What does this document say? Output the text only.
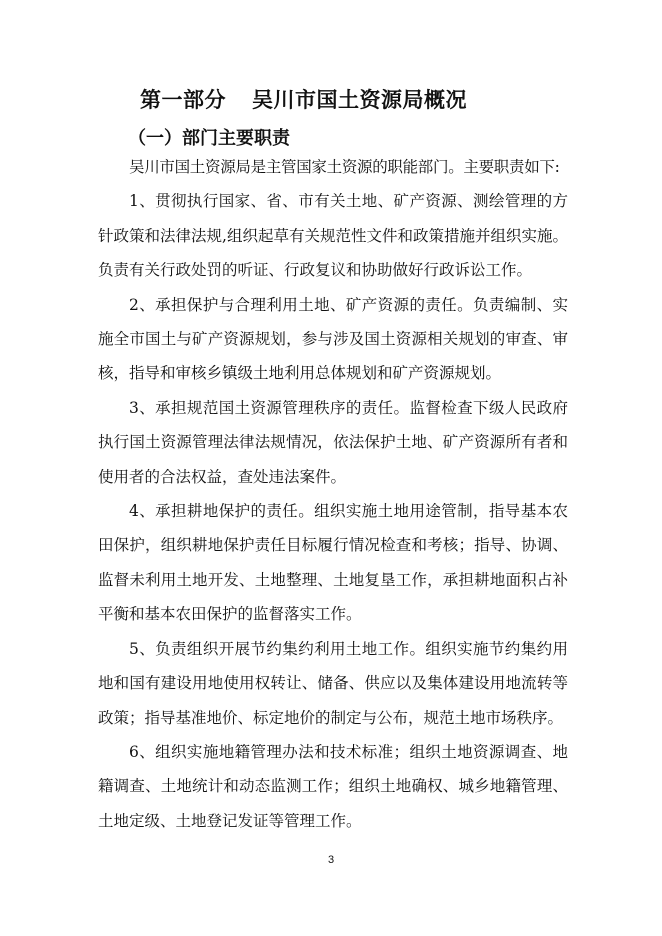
第一部分 吴川市国土资源局概况
（一）部门主要职责

吴川市国土资源局是主管国家土资源的职能部门。主要职责如下:

1、贯彻执行国家、省、市有关土地、矿产资源、测绘管理的方针政策和法律法规,组织起草有关规范性文件和政策措施并组织实施。负责有关行政处罚的听证、行政复议和协助做好行政诉讼工作。

2、承担保护与合理利用土地、矿产资源的责任。负责编制、实施全市国土与矿产资源规划，参与涉及国土资源相关规划的审查、审核，指导和审核乡镇级土地利用总体规划和矿产资源规划。

3、承担规范国土资源管理秩序的责任。监督检查下级人民政府执行国土资源管理法律法规情况，依法保护土地、矿产资源所有者和使用者的合法权益，查处违法案件。

4、承担耕地保护的责任。组织实施土地用途管制，指导基本农田保护，组织耕地保护责任目标履行情况检查和考核；指导、协调、监督未利用土地开发、土地整理、土地复垦工作，承担耕地面积占补平衡和基本农田保护的监督落实工作。

5、负责组织开展节约集约利用土地工作。组织实施节约集约用地和国有建设用地使用权转让、储备、供应以及集体建设用地流转等政策；指导基准地价、标定地价的制定与公布，规范土地市场秩序。

6、组织实施地籍管理办法和技术标准；组织土地资源调查、地籍调查、土地统计和动态监测工作；组织土地确权、城乡地籍管理、土地定级、土地登记发证等管理工作。

3
